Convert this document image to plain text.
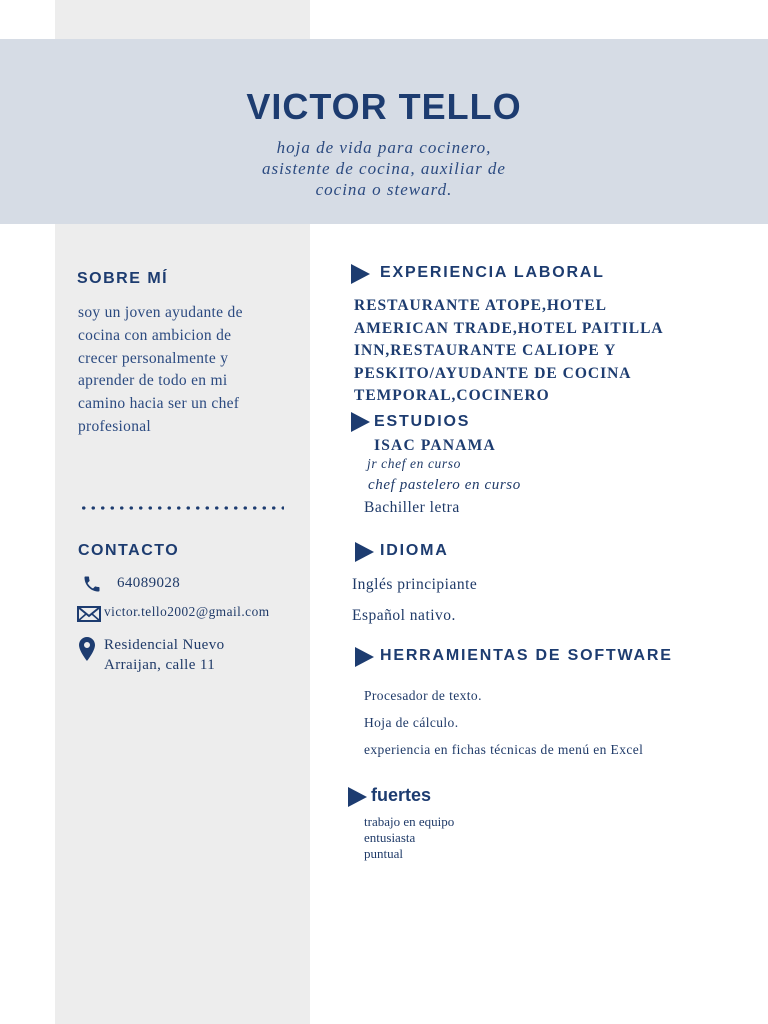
VICTOR TELLO
hoja de vida para cocinero,
asistente de cocina, auxiliar de
cocina o steward.
SOBRE MÍ
soy un joven ayudante de
cocina con ambicion de
crecer personalmente y
aprender de todo en mi
camino hacia ser un chef
profesional
CONTACTO
64089028
victor.tello2002@gmail.com
Residencial Nuevo
Arraijan, calle 11
EXPERIENCIA LABORAL
RESTAURANTE ATOPE,HOTEL
AMERICAN TRADE,HOTEL PAITILLA
INN,RESTAURANTE CALIOPE Y
PESKITO/AYUDANTE DE COCINA
TEMPORAL,COCINERO
ESTUDIOS
ISAC PANAMA
jr chef en curso
chef pastelero en curso
Bachiller letra
IDIOMA
Inglés principiante
Español nativo.
HERRAMIENTAS DE SOFTWARE
Procesador de texto.
Hoja de cálculo.
experiencia en fichas técnicas de menú en Excel
fuertes
trabajo en equipo
entusiasta
puntual
